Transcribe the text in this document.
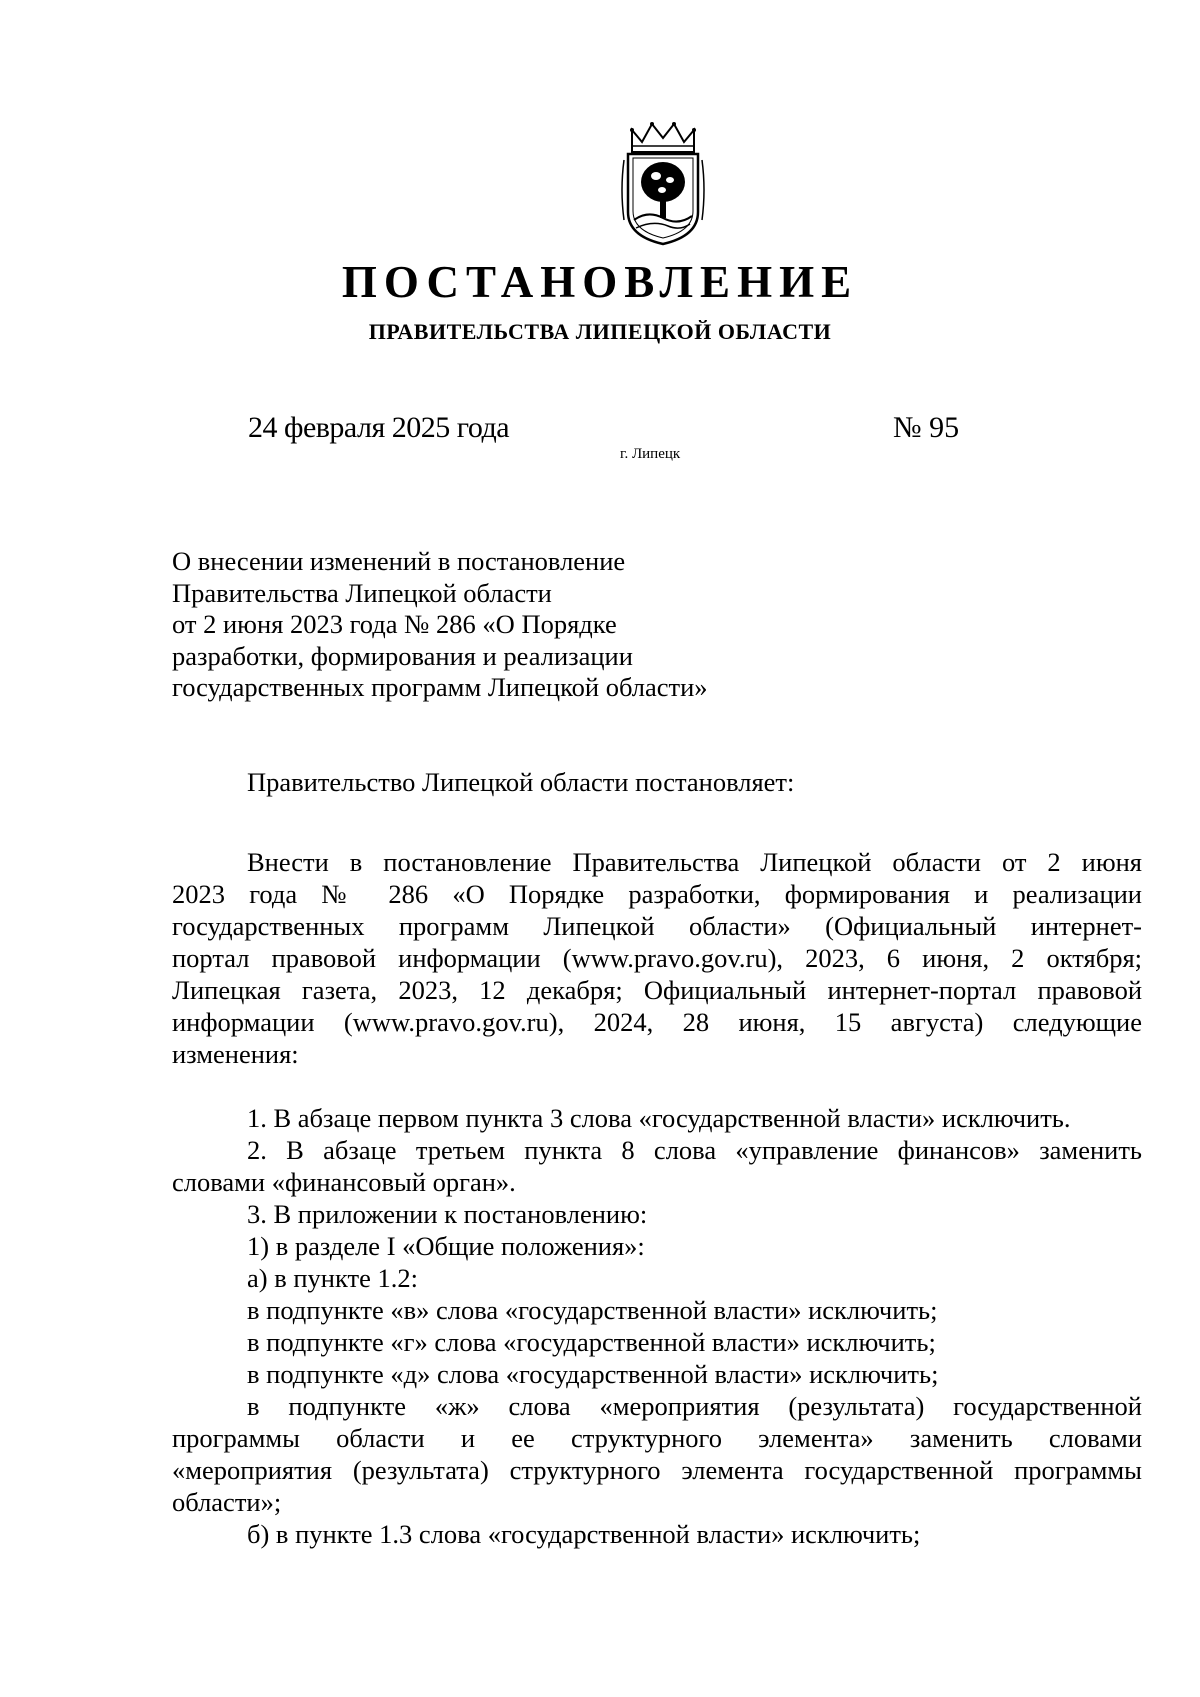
ПОСТАНОВЛЕНИЕ
ПРАВИТЕЛЬСТВА ЛИПЕЦКОЙ ОБЛАСТИ
24 февраля 2025 года	№ 95
г. Липецк
О внесении изменений в постановление
Правительства Липецкой области
от 2 июня 2023 года № 286 «О Порядке
разработки, формирования и реализации
государственных программ Липецкой области»
Правительство Липецкой области постановляет:
Внести в постановление Правительства Липецкой области от 2 июня
2023 года № 286 «О Порядке разработки, формирования и реализации
государственных программ Липецкой области» (Официальный интернет-
портал правовой информации (www.pravo.gov.ru), 2023, 6 июня, 2 октября;
Липецкая газета, 2023, 12 декабря; Официальный интернет-портал правовой
информации (www.pravo.gov.ru), 2024, 28 июня, 15 августа) следующие
изменения:
1. В абзаце первом пункта 3 слова «государственной власти» исключить.
2. В абзаце третьем пункта 8 слова «управление финансов» заменить
словами «финансовый орган».
3. В приложении к постановлению:
1) в разделе I «Общие положения»:
а) в пункте 1.2:
в подпункте «в» слова «государственной власти» исключить;
в подпункте «г» слова «государственной власти» исключить;
в подпункте «д» слова «государственной власти» исключить;
в подпункте «ж» слова «мероприятия (результата) государственной
программы области и ее структурного элемента» заменить словами
«мероприятия (результата) структурного элемента государственной программы
области»;
б) в пункте 1.3 слова «государственной власти» исключить;
